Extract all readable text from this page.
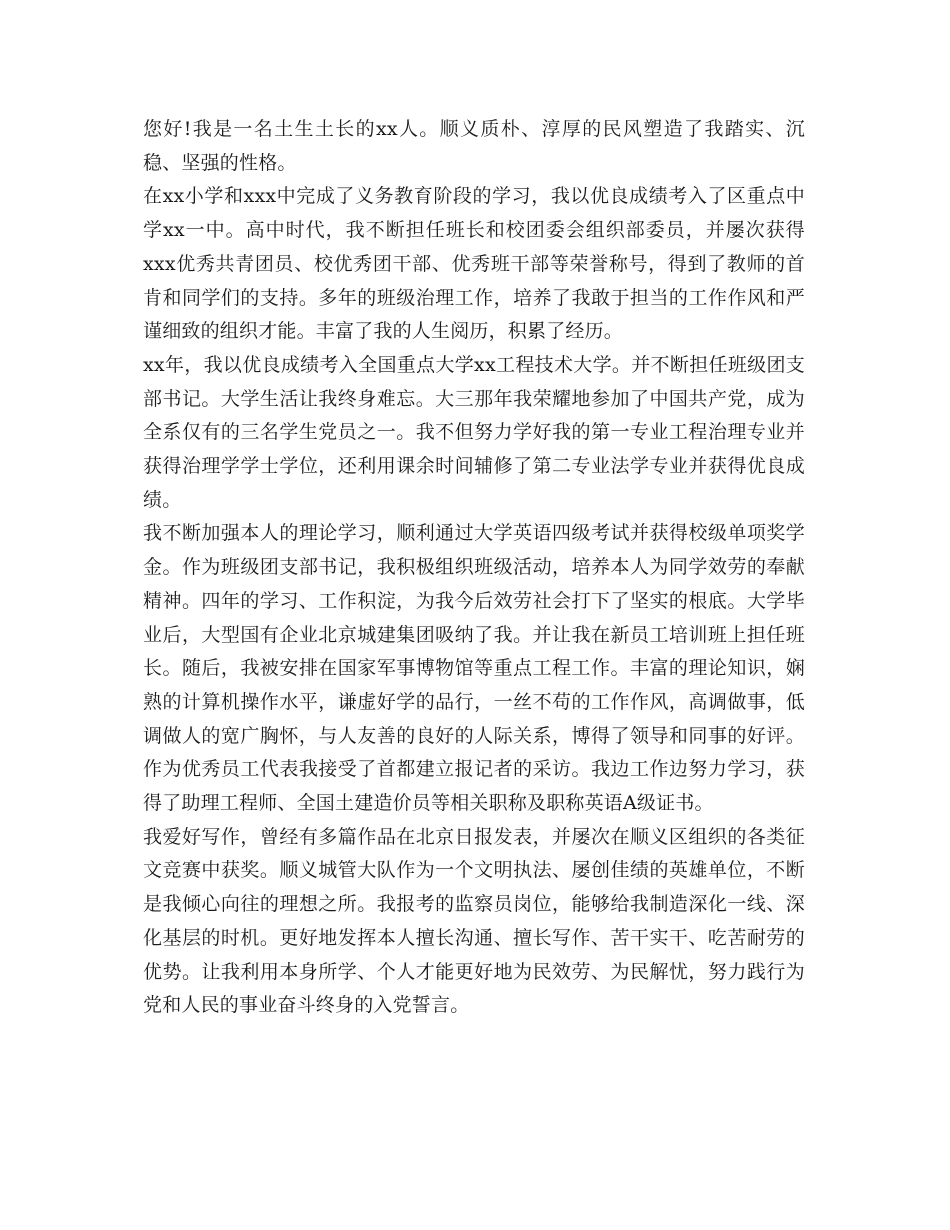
您好!我是一名土生土长的xx人。顺义质朴、淳厚的民风塑造了我踏实、沉稳、坚强的性格。

在xx小学和xxx中完成了义务教育阶段的学习，我以优良成绩考入了区重点中学xx一中。高中时代，我不断担任班长和校团委会组织部委员，并屡次获得xxx优秀共青团员、校优秀团干部、优秀班干部等荣誉称号，得到了教师的首肯和同学们的支持。多年的班级治理工作，培养了我敢于担当的工作作风和严谨细致的组织才能。丰富了我的人生阅历，积累了经历。

xx年，我以优良成绩考入全国重点大学xx工程技术大学。并不断担任班级团支部书记。大学生活让我终身难忘。大三那年我荣耀地参加了中国共产党，成为全系仅有的三名学生党员之一。我不但努力学好我的第一专业工程治理专业并获得治理学学士学位，还利用课余时间辅修了第二专业法学专业并获得优良成绩。

我不断加强本人的理论学习，顺利通过大学英语四级考试并获得校级单项奖学金。作为班级团支部书记，我积极组织班级活动，培养本人为同学效劳的奉献精神。四年的学习、工作积淀，为我今后效劳社会打下了坚实的根底。大学毕业后，大型国有企业北京城建集团吸纳了我。并让我在新员工培训班上担任班长。随后，我被安排在国家军事博物馆等重点工程工作。丰富的理论知识，娴熟的计算机操作水平，谦虚好学的品行，一丝不苟的工作作风，高调做事，低调做人的宽广胸怀，与人友善的良好的人际关系，博得了领导和同事的好评。作为优秀员工代表我接受了首都建立报记者的采访。我边工作边努力学习，获得了助理工程师、全国土建造价员等相关职称及职称英语A级证书。

我爱好写作，曾经有多篇作品在北京日报发表，并屡次在顺义区组织的各类征文竞赛中获奖。顺义城管大队作为一个文明执法、屡创佳绩的英雄单位，不断是我倾心向往的理想之所。我报考的监察员岗位，能够给我制造深化一线、深化基层的时机。更好地发挥本人擅长沟通、擅长写作、苦干实干、吃苦耐劳的优势。让我利用本身所学、个人才能更好地为民效劳、为民解忧，努力践行为党和人民的事业奋斗终身的入党誓言。
